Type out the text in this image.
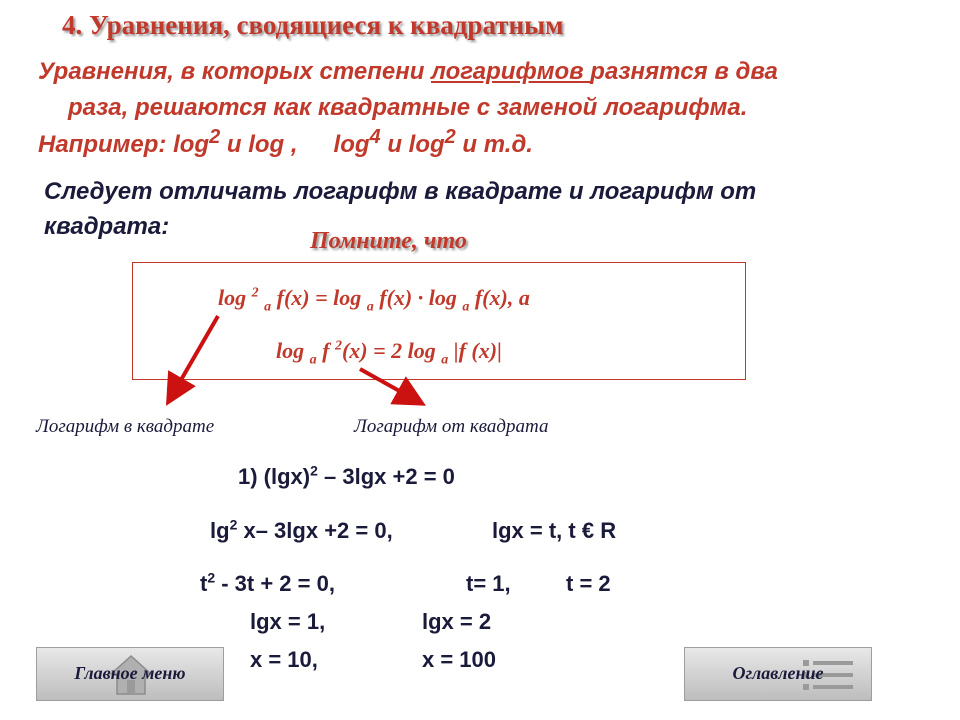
4. Уравнения, сводящиеся к квадратным
Уравнения, в которых степени логарифмов разнятся в два
раза, решаются как квадратные с заменой логарифма.
Например: $\log^2 и$ log , $\log^4 и$ $\log^2 и$ т.д.
Следует отличать логарифм в квадрате и логарифм от
квадрата:
Помните, что
log $^2$ $_a$ f(x) = log $_a$ f(x) · log $_a$ f(x), а
log $_a$ f $^2$(x) = 2 log $_a$ |f (x)|
Логарифм в квадрате	Логарифм от квадрата
1) $(\lg x)^2 - 3\lg x +2 = 0$
$\lg^2 x-$ 3lgx +2 = 0,	lgx = t, t € R
$t^2 - 3t + 2 = 0$,	t= 1,	t = 2
lgx = 1,	lgx = 2
x = 10,	x = 100
Главное меню	Оглавление
